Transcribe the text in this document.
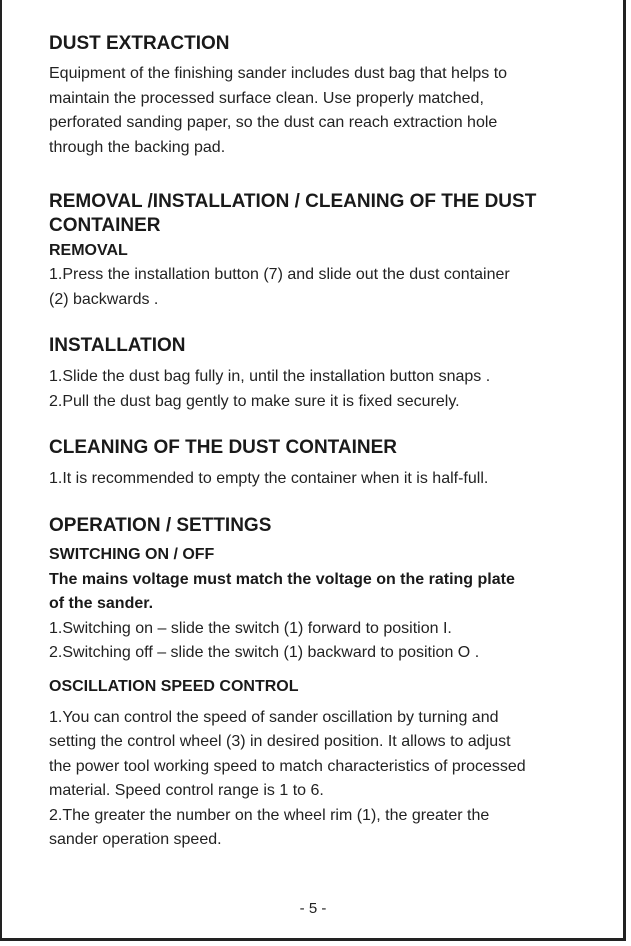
DUST EXTRACTION
Equipment of the finishing sander includes dust bag that helps to
maintain the processed surface clean. Use properly matched,
perforated sanding paper, so the dust can reach extraction hole
through the backing pad.
REMOVAL /INSTALLATION / CLEANING OF THE DUST
CONTAINER
REMOVAL
1.Press the installation button (7) and slide out the dust container
(2) backwards .
INSTALLATION
1.Slide the dust bag fully in, until the installation button snaps .
2.Pull the dust bag gently to make sure it is fixed securely.
CLEANING OF THE DUST CONTAINER
1.It is recommended to empty the container when it is half-full.
OPERATION / SETTINGS
SWITCHING ON / OFF
The mains voltage must match the voltage on the rating plate
of the sander.
1.Switching on – slide the switch (1) forward to position I.
2.Switching off – slide the switch (1) backward to position O .
OSCILLATION SPEED CONTROL
1.You can control the speed of sander oscillation by turning and
setting the control wheel (3) in desired position. It allows to adjust
the power tool working speed to match characteristics of processed
material. Speed control range is 1 to 6.
2.The greater the number on the wheel rim (1), the greater the
sander operation speed.
- 5 -
